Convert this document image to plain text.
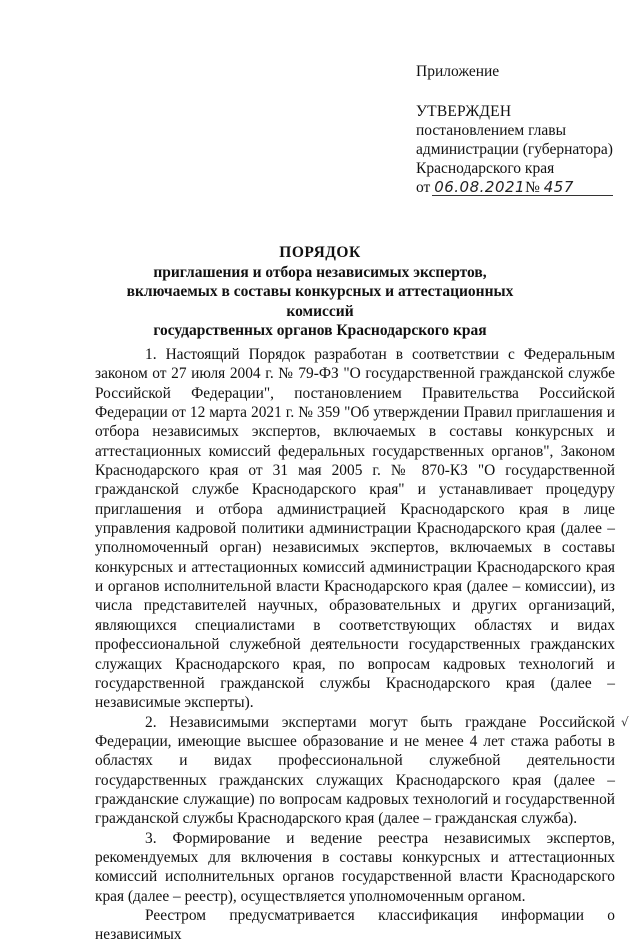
Приложение
УТВЕРЖДЕН
постановлением главы
администрации (губернатора)
Краснодарского края
от 06.08.2021№ 457
ПОРЯДОК
приглашения и отбора независимых экспертов,
включаемых в составы конкурсных и аттестационных комиссий
государственных органов Краснодарского края

1. Настоящий Порядок разработан в соответствии с Федеральным законом от 27 июля 2004 г. № 79-ФЗ "О государственной гражданской службе Российской Федерации", постановлением Правительства Российской Федерации от 12 марта 2021 г. № 359 "Об утверждении Правил приглашения и отбора независимых экспертов, включаемых в составы конкурсных и аттестационных комиссий федеральных государственных органов", Законом Краснодарского края от 31 мая 2005 г. № 870-КЗ "О государственной гражданской службе Краснодарского края" и устанавливает процедуру приглашения и отбора администрацией Краснодарского края в лице управления кадровой политики администрации Краснодарского края (далее – уполномоченный орган) независимых экспертов, включаемых в составы конкурсных и аттестационных комиссий администрации Краснодарского края и органов исполнительной власти Краснодарского края (далее – комиссии), из числа представителей научных, образовательных и других организаций, являющихся специалистами в соответствующих областях и видах профессиональной служебной деятельности государственных гражданских служащих Краснодарского края, по вопросам кадровых технологий и государственной гражданской службы Краснодарского края (далее – независимые эксперты).

2. Независимыми экспертами могут быть граждане Российской Федерации, имеющие высшее образование и не менее 4 лет стажа работы в областях и видах профессиональной служебной деятельности государственных гражданских служащих Краснодарского края (далее – гражданские служащие) по вопросам кадровых технологий и государственной гражданской службы Краснодарского края (далее – гражданская служба).

3. Формирование и ведение реестра независимых экспертов, рекомендуемых для включения в составы конкурсных и аттестационных комиссий исполнительных органов государственной власти Краснодарского края (далее – реестр), осуществляется уполномоченным органом.

Реестром предусматривается классификация информации о независимых

√
